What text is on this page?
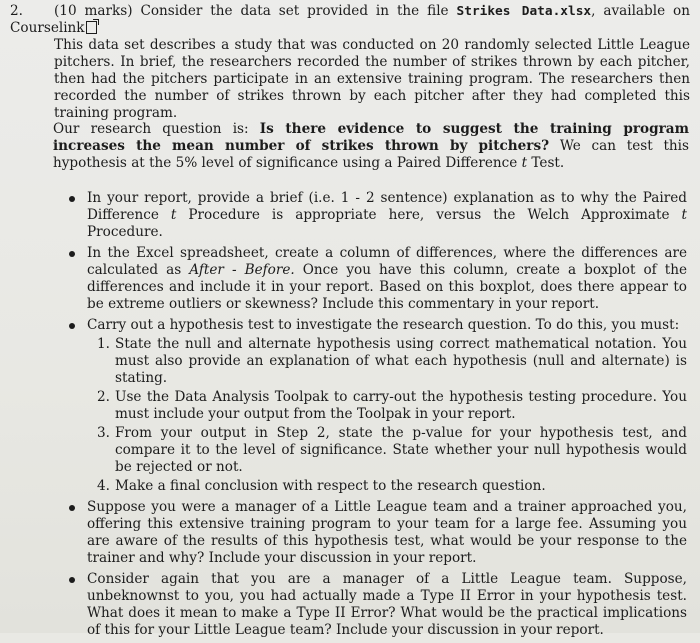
2. (10 marks) Consider the data set provided in the file Strikes Data.xlsx, available on Courselink
This data set describes a study that was conducted on 20 randomly selected Little League pitchers. In brief, the researchers recorded the number of strikes thrown by each pitcher, then had the pitchers participate in an extensive training program. The researchers then recorded the number of strikes thrown by each pitcher after they had completed this training program.
Our research question is: Is there evidence to suggest the training program increases the mean number of strikes thrown by pitchers? We can test this hypothesis at the 5% level of significance using a Paired Difference t Test.
In your report, provide a brief (i.e. 1 - 2 sentence) explanation as to why the Paired Difference t Procedure is appropriate here, versus the Welch Approximate t Procedure.
In the Excel spreadsheet, create a column of differences, where the differences are calculated as After - Before. Once you have this column, create a boxplot of the differences and include it in your report. Based on this boxplot, does there appear to be extreme outliers or skewness? Include this commentary in your report.
Carry out a hypothesis test to investigate the research question. To do this, you must:
1. State the null and alternate hypothesis using correct mathematical notation. You must also provide an explanation of what each hypothesis (null and alternate) is stating.
2. Use the Data Analysis Toolpak to carry-out the hypothesis testing procedure. You must include your output from the Toolpak in your report.
3. From your output in Step 2, state the p-value for your hypothesis test, and compare it to the level of significance. State whether your null hypothesis would be rejected or not.
4. Make a final conclusion with respect to the research question.
Suppose you were a manager of a Little League team and a trainer approached you, offering this extensive training program to your team for a large fee. Assuming you are aware of the results of this hypothesis test, what would be your response to the trainer and why? Include your discussion in your report.
Consider again that you are a manager of a Little League team. Suppose, unbeknownst to you, you had actually made a Type II Error in your hypothesis test. What does it mean to make a Type II Error? What would be the practical implications of this for your Little League team? Include your discussion in your report.
